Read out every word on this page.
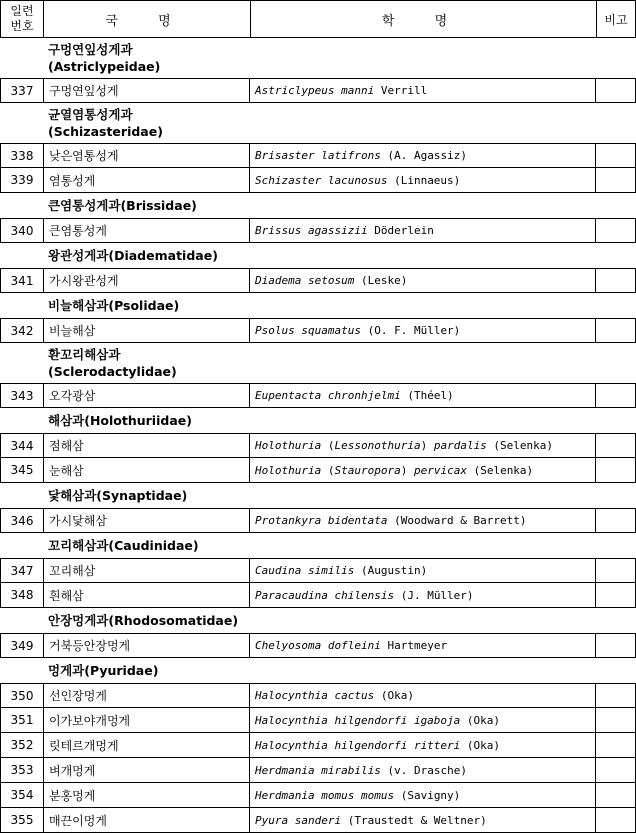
일련
번호	국 명	학 명	비고
구멍연잎성게과
(Astriclypeidae)
337	구멍연잎성게	Astriclypeus manni Verrill
균열염통성게과
(Schizasteridae)
338	낮은염통성게	Brisaster latifrons (A. Agassiz)
339	염통성게	Schizaster lacunosus (Linnaeus)
큰염통성게과(Brissidae)
340	큰염통성게	Brissus agassizii Döderlein
왕관성게과(Diadematidae)
341	가시왕관성게	Diadema setosum (Leske)
비늘해삼과(Psolidae)
342	비늘해삼	Psolus squamatus (O. F. Müller)
환꼬리해삼과
(Sclerodactylidae)
343	오각광삼	Eupentacta chronhjelmi (Théel)
해삼과(Holothuriidae)
344	점해삼	Holothuria ( Lessonothuria ) pardalis (Selenka)
345	눈해삼	Holothuria ( Stauropora ) pervicax (Selenka)
닻해삼과(Synaptidae)
346	가시닻해삼	Protankyra bidentata (Woodward & Barrett)
꼬리해삼과(Caudinidae)
347	꼬리해삼	Caudina similis (Augustin)
348	흰해삼	Paracaudina chilensis (J. Müller)
안장멍게과(Rhodosomatidae)
349	거북등안장멍게	Chelyosoma dofleini Hartmeyer
멍게과(Pyuridae)
350	선인장멍게	Halocynthia cactus (Oka)
351	이가보야개멍게	Halocynthia hilgendorfi igaboja (Oka)
352	릿테르개멍게	Halocynthia hilgendorfi ritteri (Oka)
353	벼개멍게	Herdmania mirabilis (v. Drasche)
354	분홍멍게	Herdmania momus momus (Savigny)
355	매끈이멍게	Pyura sanderi (Traustedt & Weltner)
